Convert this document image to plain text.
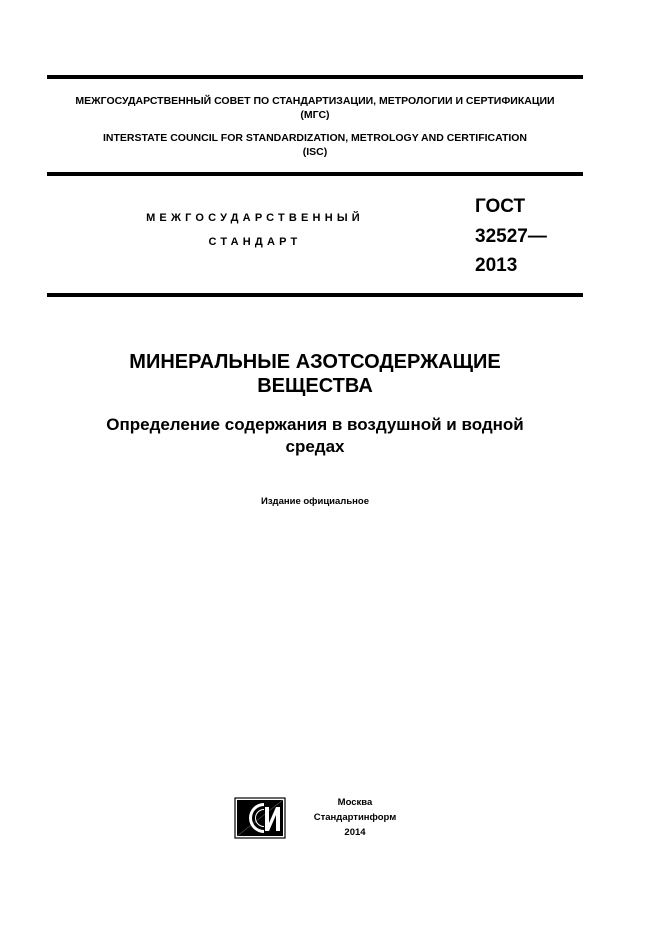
МЕЖГОСУДАРСТВЕННЫЙ СОВЕТ ПО СТАНДАРТИЗАЦИИ, МЕТРОЛОГИИ И СЕРТИФИКАЦИИ
(МГС)
INTERSTATE COUNCIL FOR STANDARDIZATION, METROLOGY AND CERTIFICATION
(ISC)
МЕЖГОСУДАРСТВЕННЫЙ
СТАНДАРТ
ГОСТ
32527—
2013
МИНЕРАЛЬНЫЕ АЗОТСОДЕРЖАЩИЕ
ВЕЩЕСТВА
Определение содержания в воздушной и водной
средах
Издание официальное
Москва
Стандартинформ
2014
